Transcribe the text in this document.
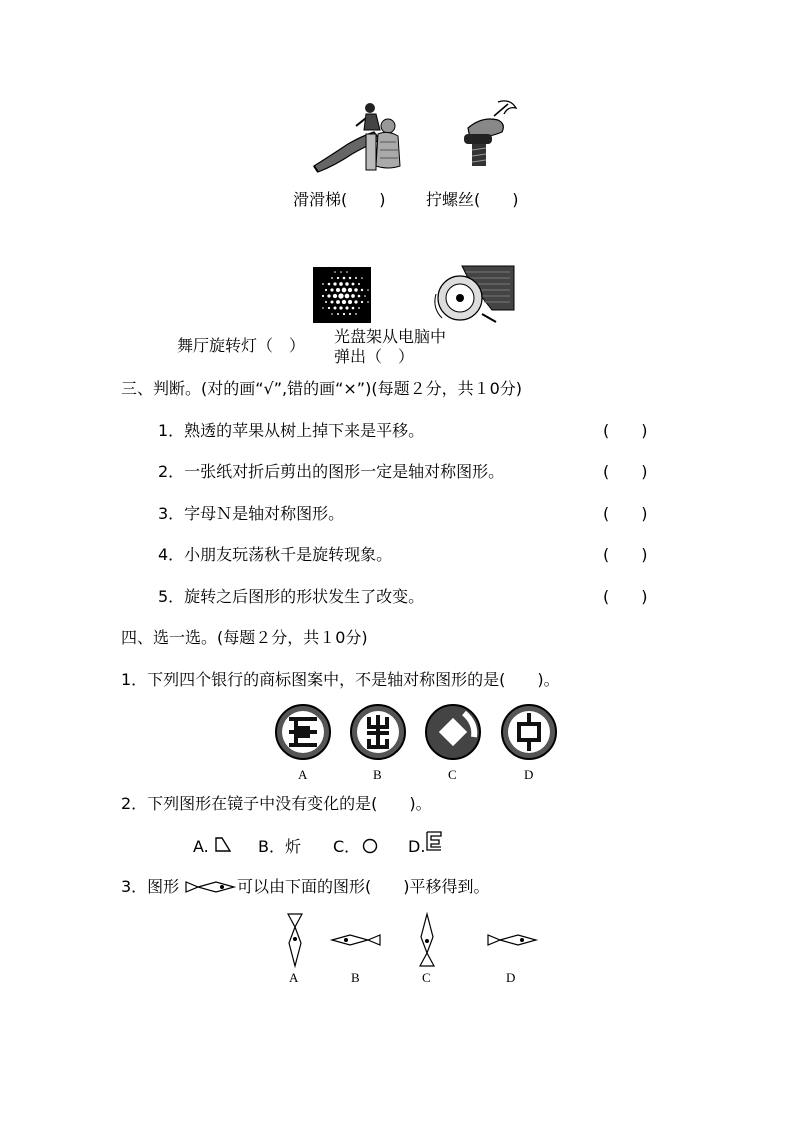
滑滑梯(　　)	拧螺丝(　　)
舞厅旋转灯（　） 光盘架从电脑中
弹出（　）
三、判断。(对的画“√”,错的画“×”)(每题２分，共１0分)
1．熟透的苹果从树上掉下来是平移。	(　　)
2．一张纸对折后剪出的图形一定是轴对称图形。	(　　)
3．字母Ｎ是轴对称图形。	(　　)
4．小朋友玩荡秋千是旋转现象。	(　　)
5．旋转之后图形的形状发生了改变。	(　　)
四、选一选。(每题２分，共１0分)
1．下列四个银行的商标图案中，不是轴对称图形的是(　　)。
A	B	C	D
2．下列图形在镜子中没有变化的是(　　)。
A.	B． 炘 C．	D.
3．图形	可以由下面的图形(　　)平移得到。
A	B	C	D
